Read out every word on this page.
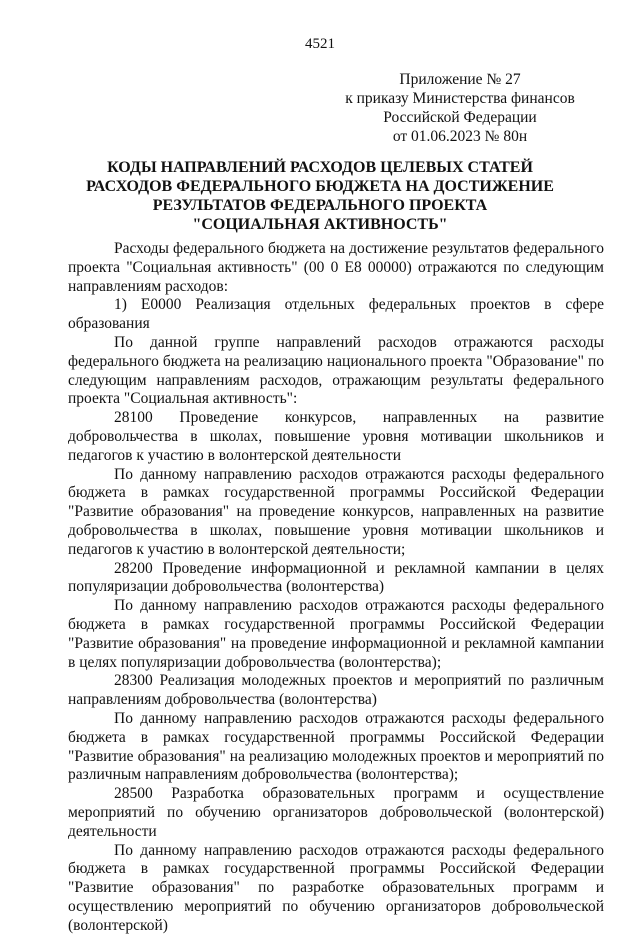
4521
Приложение № 27
к приказу Министерства финансов
Российской Федерации
от 01.06.2023 № 80н
КОДЫ НАПРАВЛЕНИЙ РАСХОДОВ ЦЕЛЕВЫХ СТАТЕЙ
РАСХОДОВ ФЕДЕРАЛЬНОГО БЮДЖЕТА НА ДОСТИЖЕНИЕ
РЕЗУЛЬТАТОВ ФЕДЕРАЛЬНОГО ПРОЕКТА
"СОЦИАЛЬНАЯ АКТИВНОСТЬ"

Расходы федерального бюджета на достижение результатов федерального проекта "Социальная активность" (00 0 Е8 00000) отражаются по следующим направлениям расходов:

1) Е0000 Реализация отдельных федеральных проектов в сфере образования

По данной группе направлений расходов отражаются расходы федерального бюджета на реализацию национального проекта "Образование" по следующим направлениям расходов, отражающим результаты федерального проекта "Социальная активность":

28100 Проведение конкурсов, направленных на развитие добровольчества в школах, повышение уровня мотивации школьников и педагогов к участию в волонтерской деятельности

По данному направлению расходов отражаются расходы федерального бюджета в рамках государственной программы Российской Федерации "Развитие образования" на проведение конкурсов, направленных на развитие добровольчества в школах, повышение уровня мотивации школьников и педагогов к участию в волонтерской деятельности;

28200 Проведение информационной и рекламной кампании в целях популяризации добровольчества (волонтерства)

По данному направлению расходов отражаются расходы федерального бюджета в рамках государственной программы Российской Федерации "Развитие образования" на проведение информационной и рекламной кампании в целях популяризации добровольчества (волонтерства);

28300 Реализация молодежных проектов и мероприятий по различным направлениям добровольчества (волонтерства)

По данному направлению расходов отражаются расходы федерального бюджета в рамках государственной программы Российской Федерации "Развитие образования" на реализацию молодежных проектов и мероприятий по различным направлениям добровольчества (волонтерства);

28500 Разработка образовательных программ и осуществление мероприятий по обучению организаторов добровольческой (волонтерской) деятельности

По данному направлению расходов отражаются расходы федерального бюджета в рамках государственной программы Российской Федерации "Развитие образования" по разработке образовательных программ и осуществлению мероприятий по обучению организаторов добровольческой (волонтерской)
